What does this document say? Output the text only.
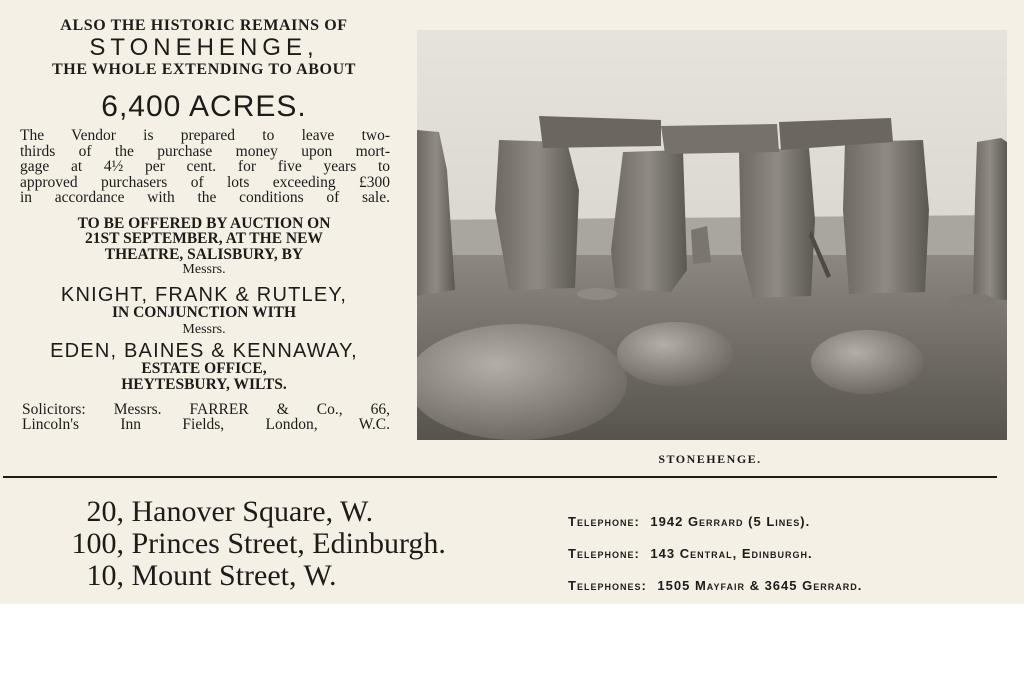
ALSO THE HISTORIC REMAINS OF
STONEHENGE,
THE WHOLE EXTENDING TO ABOUT
6,400 ACRES.
The Vendor is prepared to leave two-
thirds of the purchase money upon mort-
gage at 4½ per cent. for five years to
approved purchasers of lots exceeding £300
in accordance with the conditions of sale.
TO BE OFFERED BY AUCTION ON
21ST SEPTEMBER, AT THE NEW
THEATRE, SALISBURY, BY
Messrs.
KNIGHT, FRANK & RUTLEY,
IN CONJUNCTION WITH
Messrs.
EDEN, BAINES & KENNAWAY,
ESTATE OFFICE,
HEYTESBURY, WILTS.
Solicitors: Messrs. FARRER & Co., 66,
Lincoln's Inn Fields, London, W.C.
STONEHENGE.
20, Hanover Square, W.
100, Princes Street, Edinburgh.
10, Mount Street, W.
Telephone: 1942 Gerrard (5 Lines).
Telephone: 143 Central, Edinburgh.
Telephones: 1505 Mayfair & 3645 Gerrard.
